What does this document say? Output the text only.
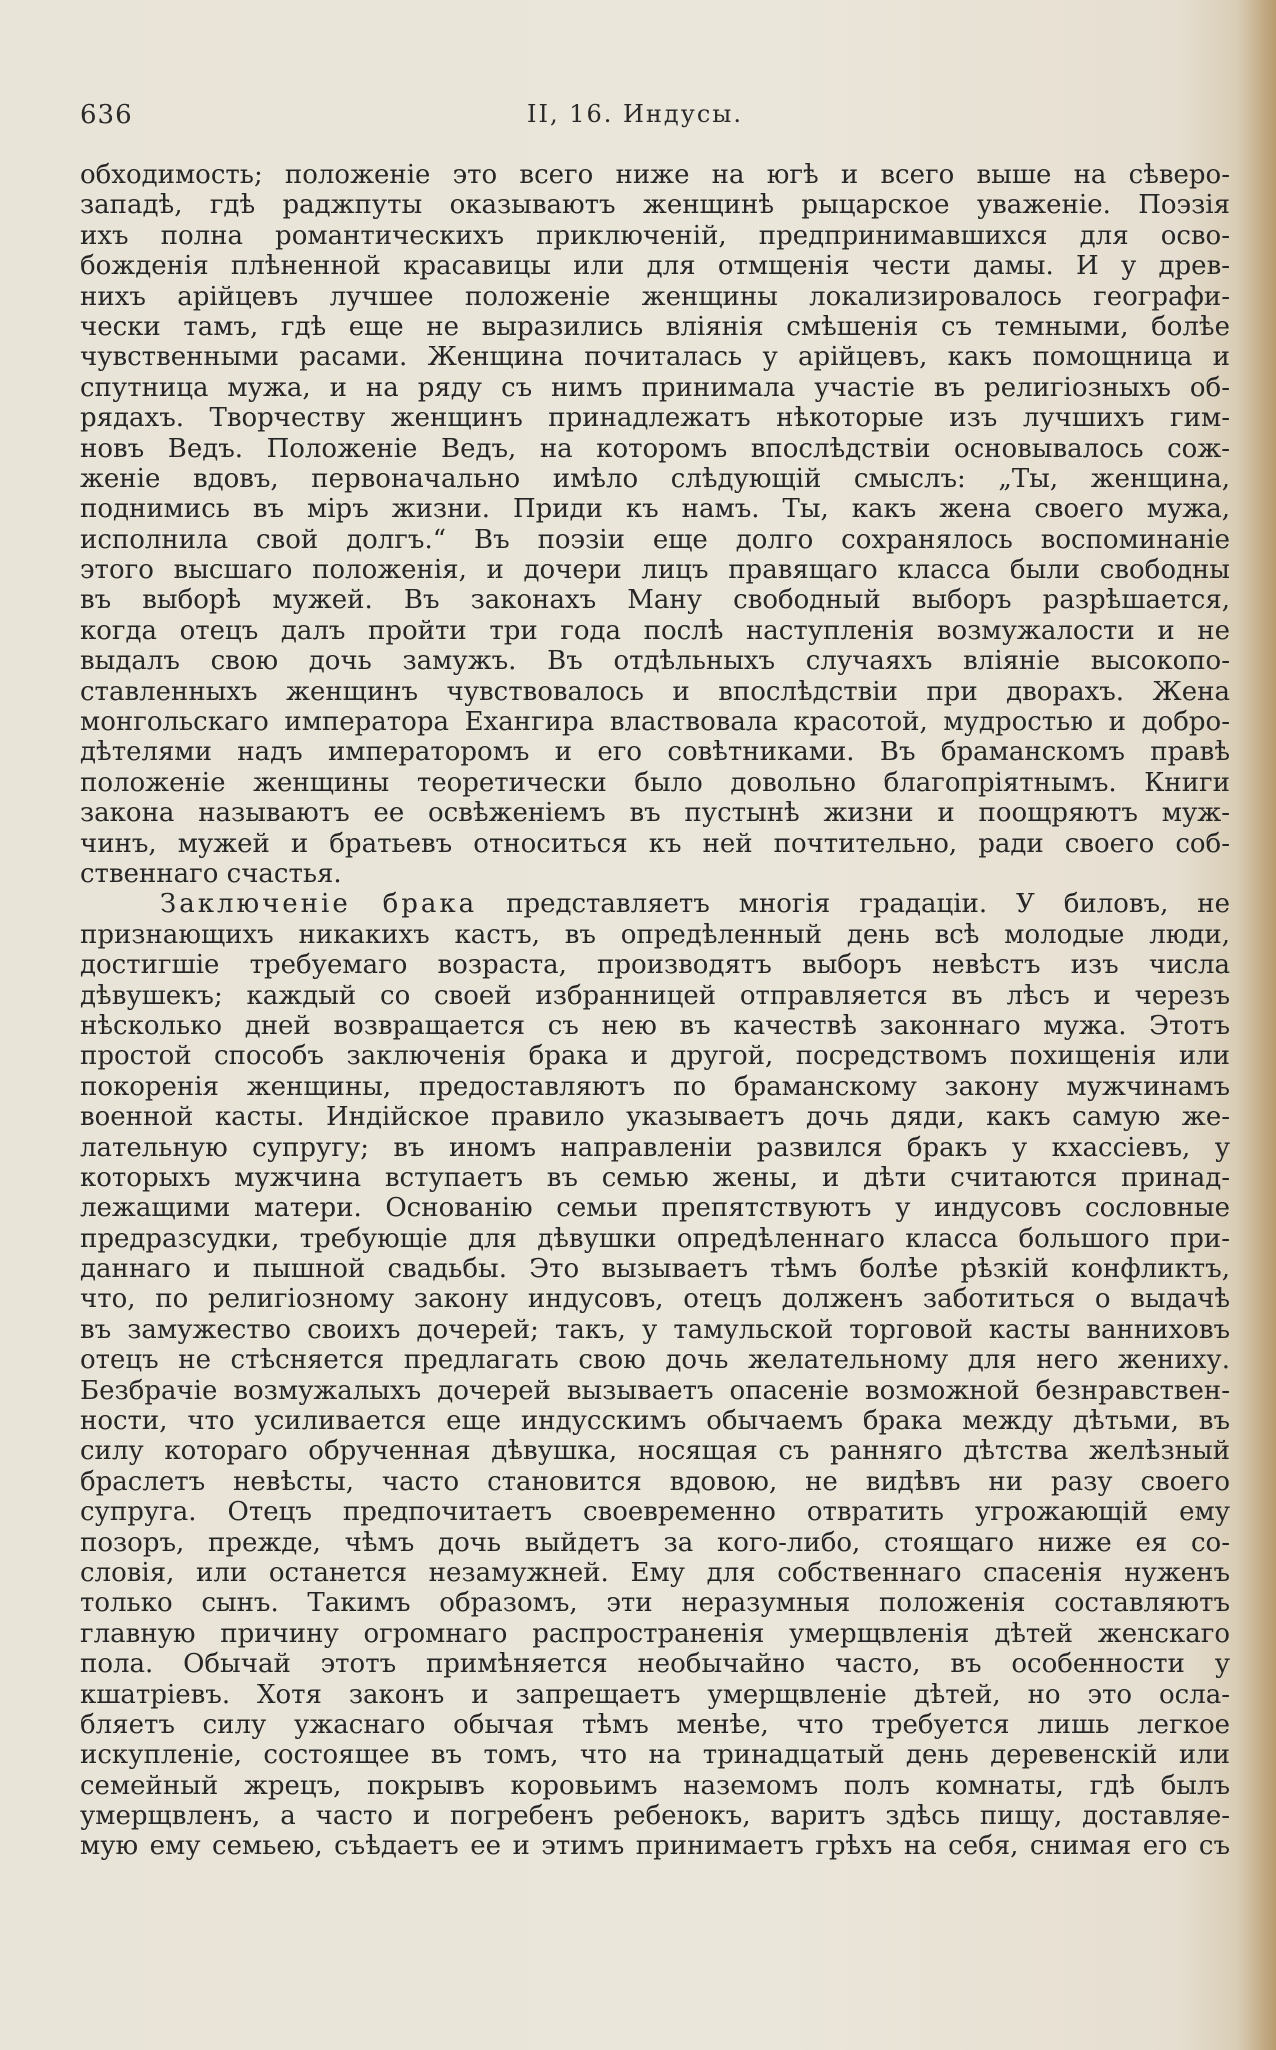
636	II, 16. Индусы.
обходимость; положенiе это всего ниже на югѣ и всего выше на сѣверо-
западѣ, гдѣ раджпуты оказываютъ женщинѣ рыцарское уваженiе. Поэзiя
ихъ полна романтическихъ приключенiй, предпринимавшихся для осво-
божденiя плѣненной красавицы или для отмщенiя чести дамы. И у древ-
нихъ арiйцевъ лучшее положенiе женщины локализировалось географи-
чески тамъ, гдѣ еще не выразились влiянiя смѣшенiя съ темными, болѣе
чувственными расами. Женщина почиталась у арiйцевъ, какъ помощница и
спутница мужа, и на ряду съ нимъ принимала участiе въ религiозныхъ об-
рядахъ. Творчеству женщинъ принадлежатъ нѣкоторые изъ лучшихъ гим-
новъ Ведъ. Положенiе Ведъ, на которомъ впослѣдствiи основывалось сож-
женiе вдовъ, первоначально имѣло слѣдующiй смыслъ: „Ты, женщина,
поднимись въ мiръ жизни. Приди къ намъ. Ты, какъ жена своего мужа,
исполнила свой долгъ.“ Въ поэзiи еще долго сохранялось воспоминанiе
этого высшаго положенiя, и дочери лицъ правящаго класса были свободны
въ выборѣ мужей. Въ законахъ Ману свободный выборъ разрѣшается,
когда отецъ далъ пройти три года послѣ наступленiя возмужалости и не
выдалъ свою дочь замужъ. Въ отдѣльныхъ случаяхъ влiянiе высокопо-
ставленныхъ женщинъ чувствовалось и впослѣдствiи при дворахъ. Жена
монгольскаго императора Ехангира властвовала красотой, мудростью и добро-
дѣтелями надъ императоромъ и его совѣтниками. Въ браманскомъ правѣ
положенiе женщины теоретически было довольно благопрiятнымъ. Книги
закона называютъ ее освѣженiемъ въ пустынѣ жизни и поощряютъ муж-
чинъ, мужей и братьевъ относиться къ ней почтительно, ради своего соб-
ственнаго счастья.
Заключенiе брака представляетъ многiя градацiи. У биловъ, не
признающихъ никакихъ кастъ, въ опредѣленный день всѣ молодые люди,
достигшiе требуемаго возраста, производятъ выборъ невѣстъ изъ числа
дѣвушекъ; каждый со своей избранницей отправляется въ лѣсъ и черезъ
нѣсколько дней возвращается съ нею въ качествѣ законнаго мужа. Этотъ
простой способъ заключенiя брака и другой, посредствомъ похищенiя или
покоренiя женщины, предоставляютъ по браманскому закону мужчинамъ
военной касты. Индiйское правило указываетъ дочь дяди, какъ самую же-
лательную супругу; въ иномъ направленiи развился бракъ у кхассiевъ, у
которыхъ мужчина вступаетъ въ семью жены, и дѣти считаются принад-
лежащими матери. Основанiю семьи препятствуютъ у индусовъ сословные
предразсудки, требующiе для дѣвушки опредѣленнаго класса большого при-
даннаго и пышной свадьбы. Это вызываетъ тѣмъ болѣе рѣзкiй конфликтъ,
что, по религiозному закону индусовъ, отецъ долженъ заботиться о выдачѣ
въ замужество своихъ дочерей; такъ, у тамульской торговой касты ванниховъ
отецъ не стѣсняется предлагать свою дочь желательному для него жениху.
Безбрачiе возмужалыхъ дочерей вызываетъ опасенiе возможной безнравствен-
ности, что усиливается еще индусскимъ обычаемъ брака между дѣтьми, въ
силу котораго обрученная дѣвушка, носящая съ ранняго дѣтства желѣзный
браслетъ невѣсты, часто становится вдовою, не видѣвъ ни разу своего
супруга. Отецъ предпочитаетъ своевременно отвратить угрожающiй ему
позоръ, прежде, чѣмъ дочь выйдетъ за кого-либо, стоящаго ниже ея со-
словiя, или останется незамужней. Ему для собственнаго спасенiя нуженъ
только сынъ. Такимъ образомъ, эти неразумныя положенiя составляютъ
главную причину огромнаго распространенiя умерщвленiя дѣтей женскаго
пола. Обычай этотъ примѣняется необычайно часто, въ особенности у
кшатрiевъ. Хотя законъ и запрещаетъ умерщвленiе дѣтей, но это осла-
бляетъ силу ужаснаго обычая тѣмъ менѣе, что требуется лишь легкое
искупленiе, состоящее въ томъ, что на тринадцатый день деревенскiй или
семейный жрецъ, покрывъ коровьимъ наземомъ полъ комнаты, гдѣ былъ
умерщвленъ, а часто и погребенъ ребенокъ, варитъ здѣсь пищу, доставляе-
мую ему семьею, съѣдаетъ ее и этимъ принимаетъ грѣхъ на себя, снимая его съ
